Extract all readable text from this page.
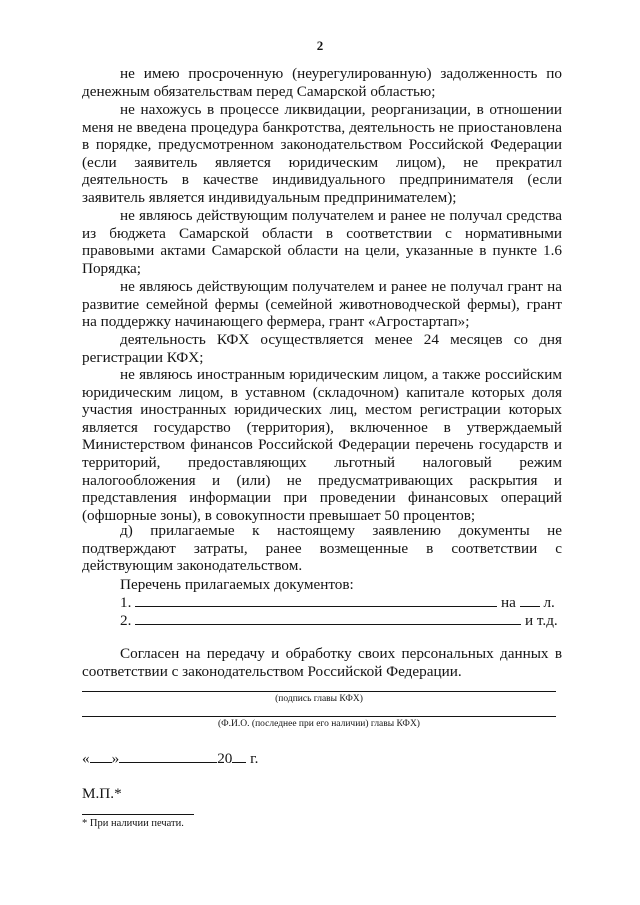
2

не имею просроченную (неурегулированную) задолженность по денежным обязательствам перед Самарской областью;

не нахожусь в процессе ликвидации, реорганизации, в отношении меня не введена процедура банкротства, деятельность не приостановлена в порядке, предусмотренном законодательством Российской Федерации (если заявитель является юридическим лицом), не прекратил деятельность в качестве индивидуального предпринимателя (если заявитель является индивидуальным предпринимателем);

не являюсь действующим получателем и ранее не получал средства из бюджета Самарской области в соответствии с нормативными правовыми актами Самарской области на цели, указанные в пункте 1.6 Порядка;

не являюсь действующим получателем и ранее не получал грант на развитие семейной фермы (семейной животноводческой фермы), грант на поддержку начинающего фермера, грант «Агростартап»;

деятельность КФХ осуществляется менее 24 месяцев со дня регистрации КФХ;

не являюсь иностранным юридическим лицом, а также российским юридическим лицом, в уставном (складочном) капитале которых доля участия иностранных юридических лиц, местом регистрации которых является государство (территория), включенное в утверждаемый Министерством финансов Российской Федерации перечень государств и территорий, предоставляющих льготный налоговый режим налогообложения и (или) не предусматривающих раскрытия и представления информации при проведении финансовых операций (офшорные зоны), в совокупности превышает 50 процентов;

д) прилагаемые к настоящему заявлению документы не подтверждают затраты, ранее возмещенные в соответствии с действующим законодательством.

Перечень прилагаемых документов:
1.	на л.
2.	и т.д.

Согласен на передачу и обработку своих персональных данных в соответствии с законодательством Российской Федерации.

(подпись главы КФХ)
(Ф.И.О. (последнее при его наличии) главы КФХ)
« »	20 г.
М.П.*
* При наличии печати.
